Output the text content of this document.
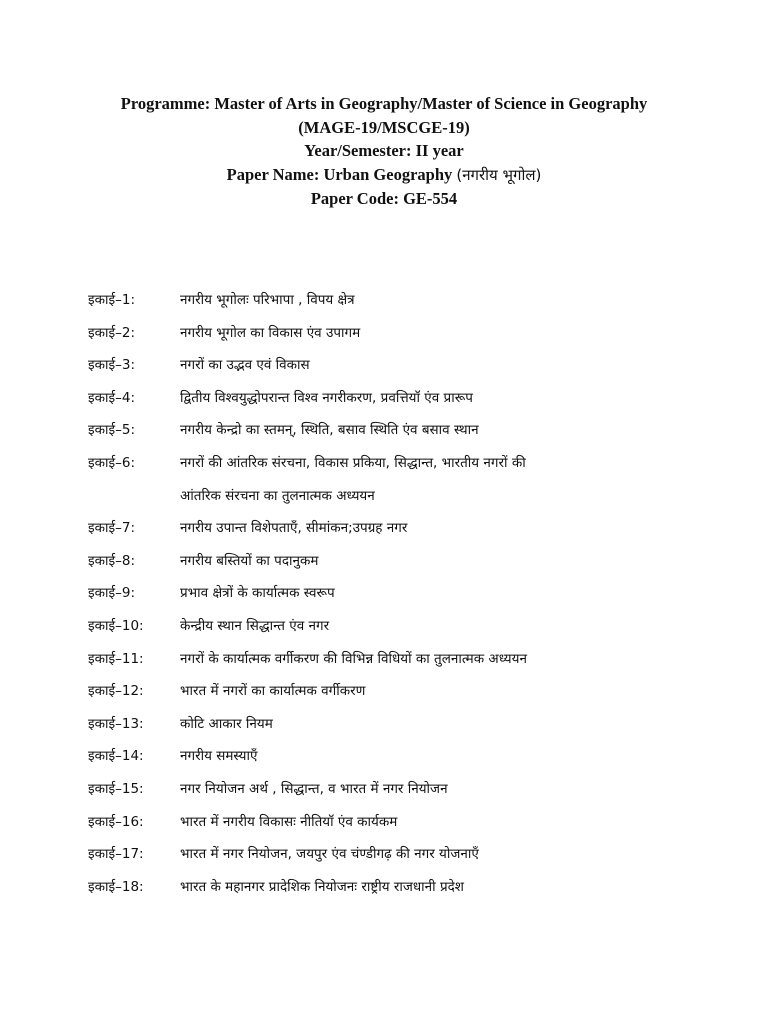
Programme: Master of Arts in Geography/Master of Science in Geography
(MAGE-19/MSCGE-19)
Year/Semester: II year
Paper Name: Urban Geography (नगरीय भूगोल)
Paper Code: GE-554
इकाई–1:	नगरीय भूगोलः परिभापा , विपय क्षेत्र
इकाई–2:	नगरीय भूगोल का विकास एंव उपागम
इकाई–3:	नगरों का उद्भव एवं विकास
इकाई–4:	द्वितीय विश्वयुद्धोपरान्त विश्व नगरीकरण, प्रवत्तियॉ एंव प्रारूप
इकाई–5:	नगरीय केन्द्रो का स्तमन्, स्थिति, बसाव स्थिति एंव बसाव स्थान
इकाई–6:	नगरों की आंतरिक संरचना, विकास प्रकिया, सिद्धान्त, भारतीय नगरों की
आंतरिक संरचना का तुलनात्मक अध्ययन
इकाई–7:	नगरीय उपान्त विशेपताएँ, सीमांकन;उपग्रह नगर
इकाई–8:	नगरीय बस्तियों का पदानुकम
इकाई–9:	प्रभाव क्षेत्रों के कार्यात्मक स्वरूप
इकाई–10:	केन्द्रीय स्थान सिद्धान्त एंव नगर
इकाई–11:	नगरों के कार्यात्मक वर्गीकरण की विभिन्न विधियों का तुलनात्मक अध्ययन
इकाई–12:	भारत में नगरों का कार्यात्मक वर्गीकरण
इकाई–13:	कोटि आकार नियम
इकाई–14:	नगरीय समस्याएँ
इकाई–15:	नगर नियोजन अर्थ , सिद्धान्त, व भारत में नगर नियोजन
इकाई–16:	भारत में नगरीय विकासः नीतियॉ एंव कार्यकम
इकाई–17:	भारत में नगर नियोजन, जयपुर एंव चंण्डीगढ़ की नगर योजनाएँ
इकाई–18:	भारत के महानगर प्रादेशिक नियोजनः राष्ट्रीय राजधानी प्रदेश
